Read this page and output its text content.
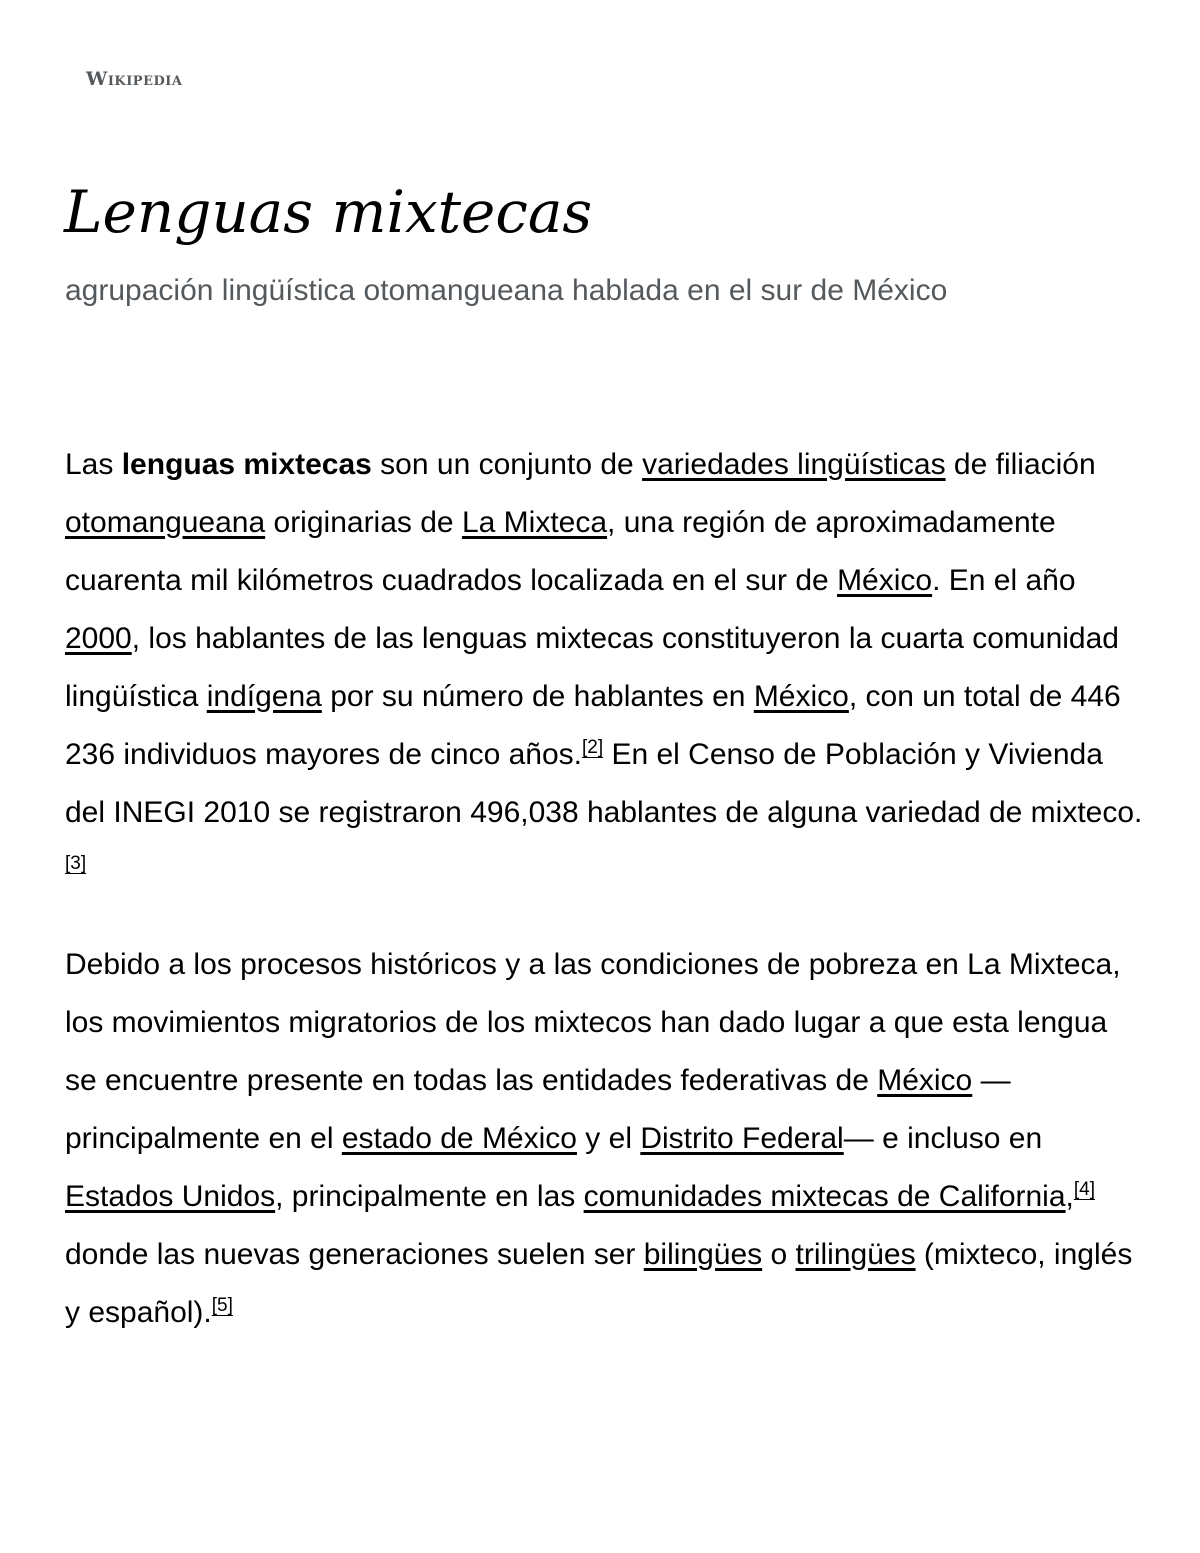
Wikipedia
Lenguas mixtecas
agrupación lingüística otomangueana hablada en el sur de México

Las lenguas mixtecas son un conjunto de variedades lingüísticas de filiación otomangueana originarias de La Mixteca, una región de aproximadamente cuarenta mil kilómetros cuadrados localizada en el sur de México. En el año 2000, los hablantes de las lenguas mixtecas constituyeron la cuarta comunidad lingüística indígena por su número de hablantes en México, con un total de 446 236 individuos mayores de cinco años.[2] En el Censo de Población y Vivienda del INEGI 2010 se registraron 496,038 hablantes de alguna variedad de mixteco.[3]

Debido a los procesos históricos y a las condiciones de pobreza en La Mixteca, los movimientos migratorios de los mixtecos han dado lugar a que esta lengua se encuentre presente en todas las entidades federativas de México —principalmente en el estado de México y el Distrito Federal— e incluso en Estados Unidos, principalmente en las comunidades mixtecas de California,[4] donde las nuevas generaciones suelen ser bilingües o trilingües (mixteco, inglés y español).[5]
